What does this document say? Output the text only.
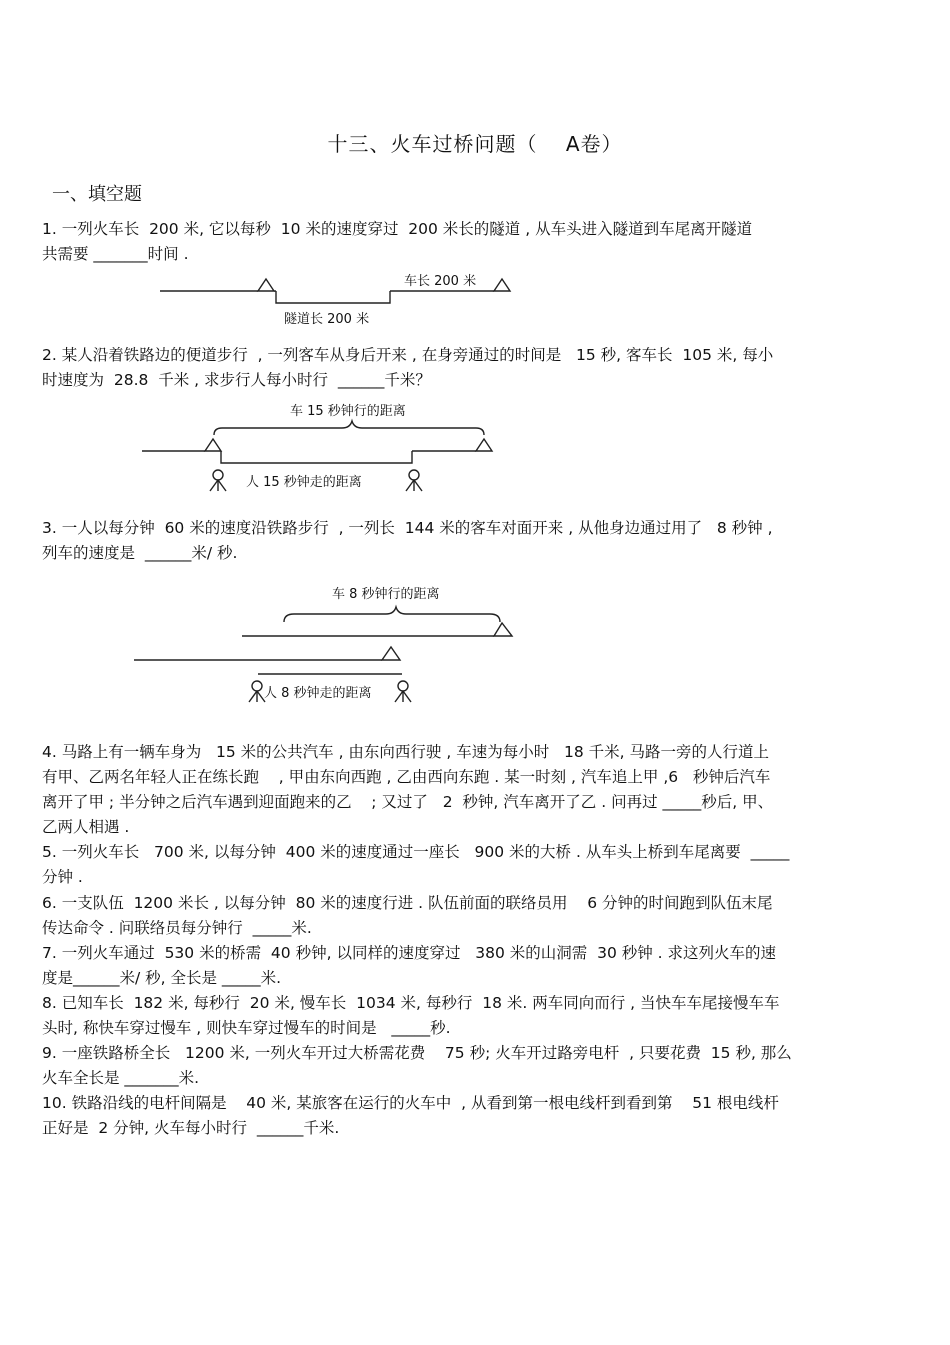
十三、火车过桥问题（　 A卷）
一、填空题
1. 一列火车长  200 米, 它以每秒  10 米的速度穿过  200 米长的隧道 , 从车头进入隧道到车尾离开隧道
共需要 _______时间 .
2. 某人沿着铁路边的便道步行  , 一列客车从身后开来 , 在身旁通过的时间是   15 秒, 客车长  105 米, 每小
时速度为  28.8  千米 , 求步行人每小时行  ______千米？
3. 一人以每分钟  60 米的速度沿铁路步行  , 一列长  144 米的客车对面开来 , 从他身边通过用了   8 秒钟 ,
列车的速度是  ______米/ 秒.
4. 马路上有一辆车身为   15 米的公共汽车 , 由东向西行驶 , 车速为每小时   18 千米, 马路一旁的人行道上
有甲、乙两名年轻人正在练长跑    , 甲由东向西跑 , 乙由西向东跑 . 某一时刻 , 汽车追上甲 ,6   秒钟后汽车
离开了甲 ; 半分钟之后汽车遇到迎面跑来的乙    ; 又过了   2  秒钟, 汽车离开了乙 . 问再过 _____秒后, 甲、
乙两人相遇 .
5. 一列火车长   700 米, 以每分钟  400 米的速度通过一座长   900 米的大桥 . 从车头上桥到车尾离要  _____
分钟 .
6. 一支队伍  1200 米长 , 以每分钟  80 米的速度行进 . 队伍前面的联络员用    6 分钟的时间跑到队伍末尾
传达命令 . 问联络员每分钟行  _____米.
7. 一列火车通过  530 米的桥需  40 秒钟, 以同样的速度穿过   380 米的山洞需  30 秒钟 . 求这列火车的速
度是______米/ 秒, 全长是 _____米.
8. 已知车长  182 米, 每秒行  20 米, 慢车长  1034 米, 每秒行  18 米. 两车同向而行 , 当快车车尾接慢车车
头时, 称快车穿过慢车 , 则快车穿过慢车的时间是   _____秒.
9. 一座铁路桥全长   1200 米, 一列火车开过大桥需花费    75 秒; 火车开过路旁电杆  , 只要花费  15 秒, 那么
火车全长是 _______米.
10. 铁路沿线的电杆间隔是    40 米, 某旅客在运行的火车中  , 从看到第一根电线杆到看到第    51 根电线杆
正好是  2 分钟, 火车每小时行  ______千米.
车长 200 米
隧道长 200 米
车 15 秒钟行的距离
人 15 秒钟走的距离
车 8 秒钟行的距离
人 8 秒钟走的距离
